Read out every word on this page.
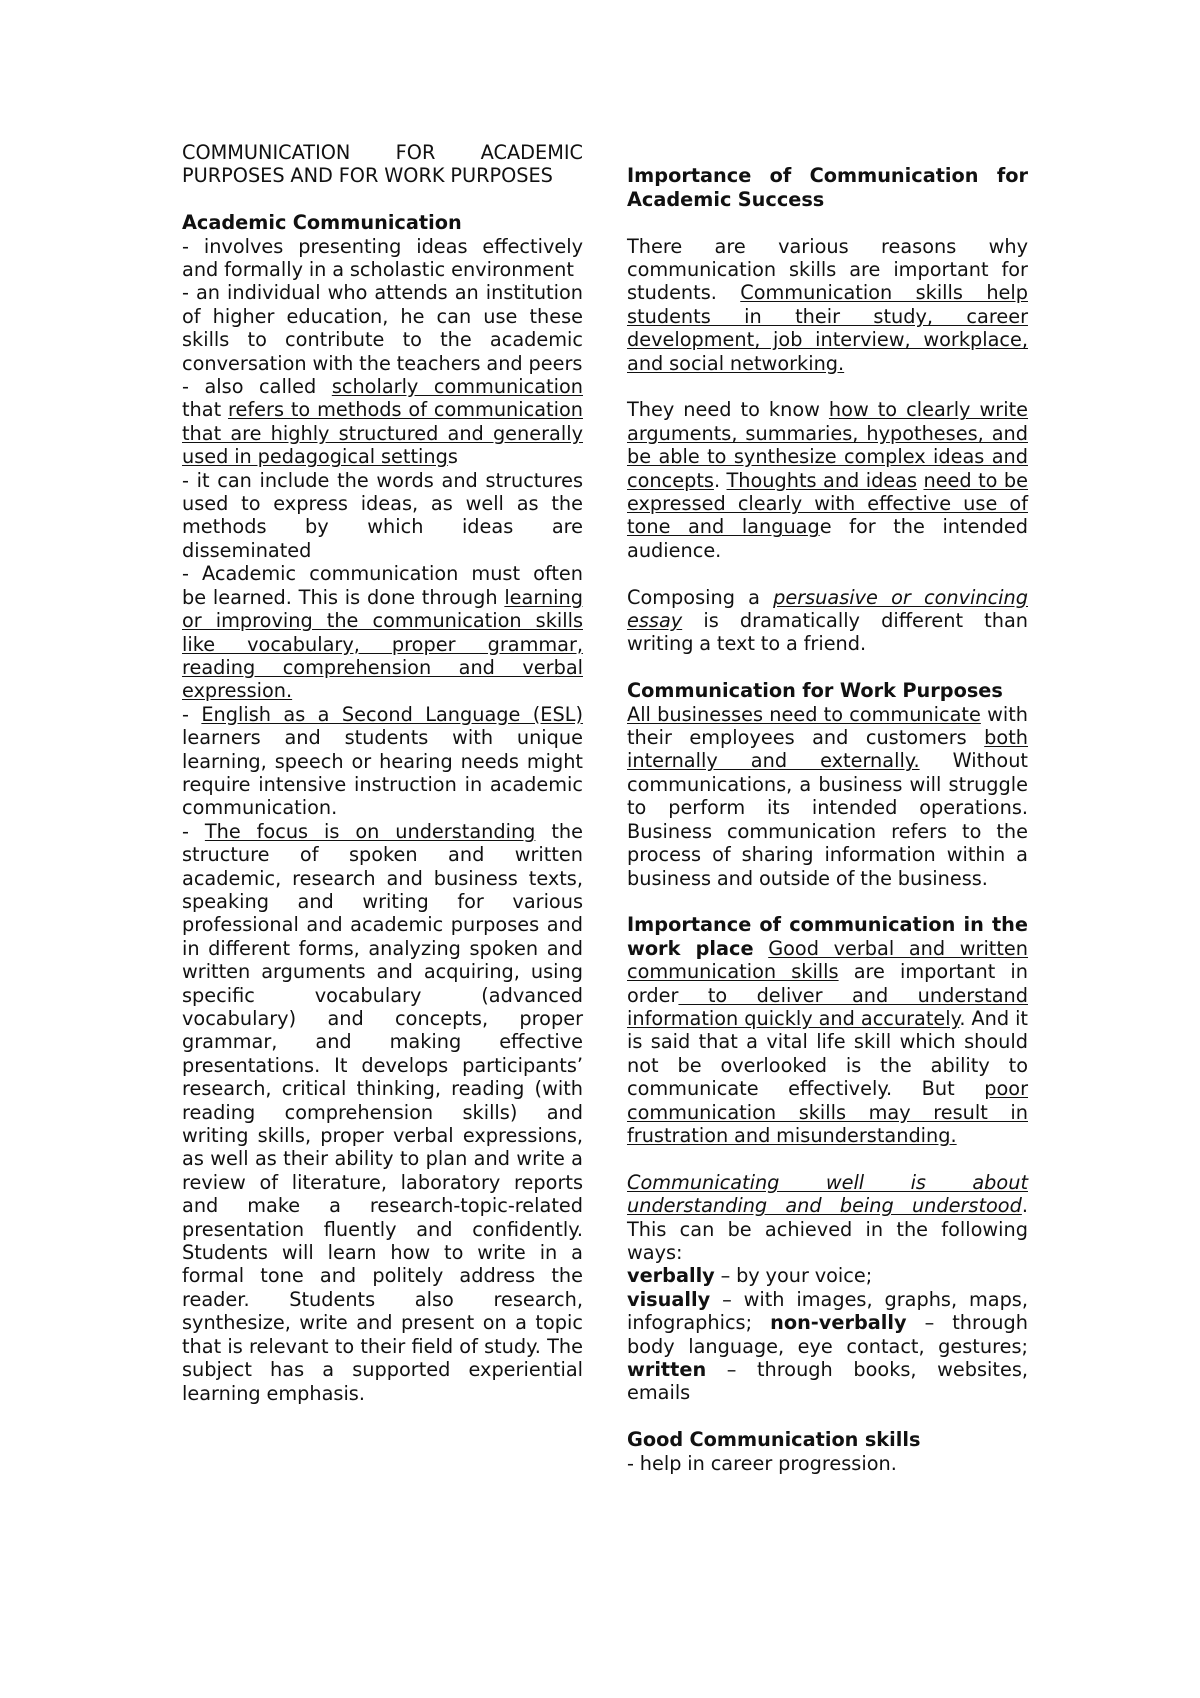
COMMUNICATION FOR ACADEMIC PURPOSES AND FOR WORK PURPOSES

Academic Communication

- involves presenting ideas effectively and formally in a scholastic environment

- an individual who attends an institution of higher education, he can use these skills to contribute to the academic conversation with the teachers and peers

- also called scholarly communication that refers to methods of communication that are highly structured and generally used in pedagogical settings

- it can include the words and structures used to express ideas, as well as the methods by which ideas are disseminated

- Academic communication must often be learned. This is done through learning or improving the communication skills like vocabulary, proper grammar, reading comprehension and verbal expression.

- English as a Second Language (ESL) learners and students with unique learning, speech or hearing needs might require intensive instruction in academic communication.

- The focus is on understanding the structure of spoken and written academic, research and business texts, speaking and writing for various professional and academic purposes and in different forms, analyzing spoken and written arguments and acquiring, using specific vocabulary (advanced vocabulary) and concepts, proper grammar, and making effective presentations. It develops participants’ research, critical thinking, reading (with reading comprehension skills) and writing skills, proper verbal expressions, as well as their ability to plan and write a review of literature, laboratory reports and make a research-topic-related presentation fluently and confidently. Students will learn how to write in a formal tone and politely address the reader. Students also research, synthesize, write and present on a topic that is relevant to their field of study. The subject has a supported experiential learning emphasis.

Importance of Communication for Academic Success

There are various reasons why communication skills are important for students. Communication skills help students in their study, career development, job interview, workplace, and social networking.

They need to know how to clearly write arguments, summaries, hypotheses, and be able to synthesize complex ideas and concepts. Thoughts and ideas need to be expressed clearly with effective use of tone and language for the intended audience.

Composing a persuasive or convincing essay is dramatically different than writing a text to a friend.

Communication for Work Purposes

All businesses need to communicate with their employees and customers both internally and externally. Without communications, a business will struggle to perform its intended operations. Business communication refers to the process of sharing information within a business and outside of the business.

Importance of communication in the work place Good verbal and written communication skills are important in order to deliver and understand information quickly and accurately. And it is said that a vital life skill which should not be overlooked is the ability to communicate effectively. But poor communication skills may result in frustration and misunderstanding.

Communicating well is about understanding and being understood. This can be achieved in the following ways:

verbally – by your voice;
visually – with images, graphs, maps, infographics; non-verbally – through body language, eye contact, gestures; written – through books, websites, emails

Good Communication skills

- help in career progression.
